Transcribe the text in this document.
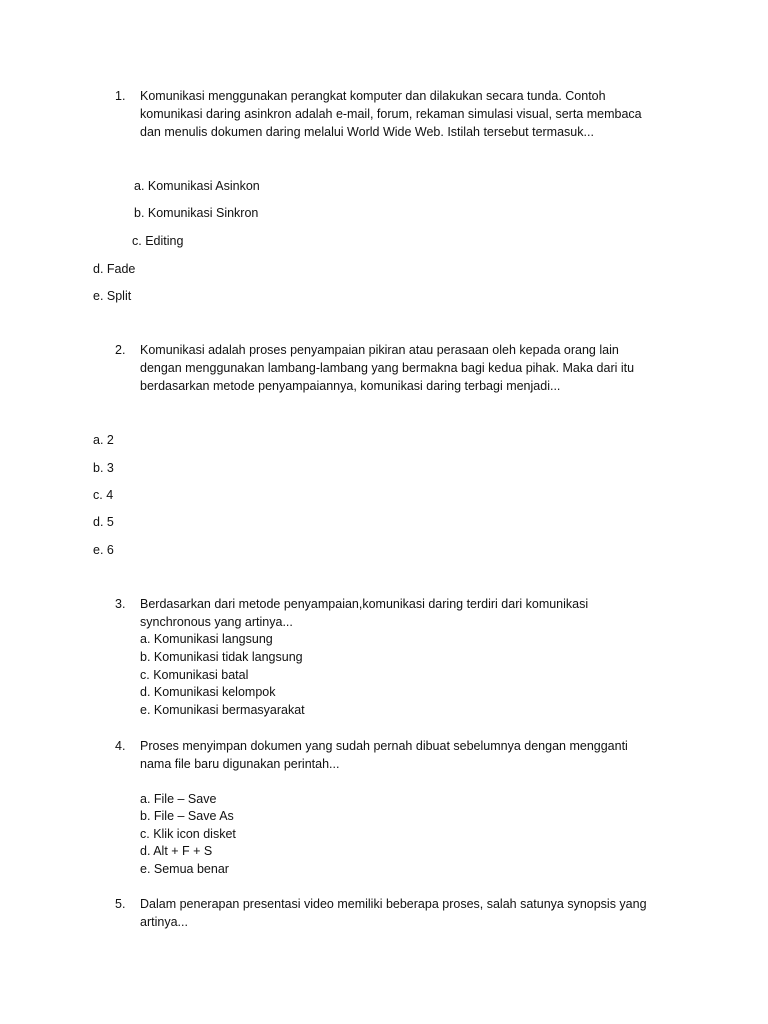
1.	Komunikasi menggunakan perangkat komputer dan dilakukan secara tunda. Contoh
komunikasi daring asinkron adalah e-mail, forum, rekaman simulasi visual, serta membaca
dan menulis dokumen daring melalui World Wide Web. Istilah tersebut termasuk...
a. Komunikasi Asinkon
b. Komunikasi Sinkron
c. Editing
d. Fade
e. Split
2.	Komunikasi adalah proses penyampaian pikiran atau perasaan oleh kepada orang lain
dengan menggunakan lambang-lambang yang bermakna bagi kedua pihak. Maka dari itu
berdasarkan metode penyampaiannya, komunikasi daring terbagi menjadi...
a. 2
b. 3
c. 4
d. 5
e. 6
3.	Berdasarkan dari metode penyampaian,komunikasi daring terdiri dari komunikasi
synchronous yang artinya...
a. Komunikasi langsung
b. Komunikasi tidak langsung
c. Komunikasi batal
d. Komunikasi kelompok
e. Komunikasi bermasyarakat
4.	Proses menyimpan dokumen yang sudah pernah dibuat sebelumnya dengan mengganti
nama file baru digunakan perintah...
a. File – Save
b. File – Save As
c. Klik icon disket
d. Alt + F + S
e. Semua benar
5.	Dalam penerapan presentasi video memiliki beberapa proses, salah satunya synopsis yang
artinya...
